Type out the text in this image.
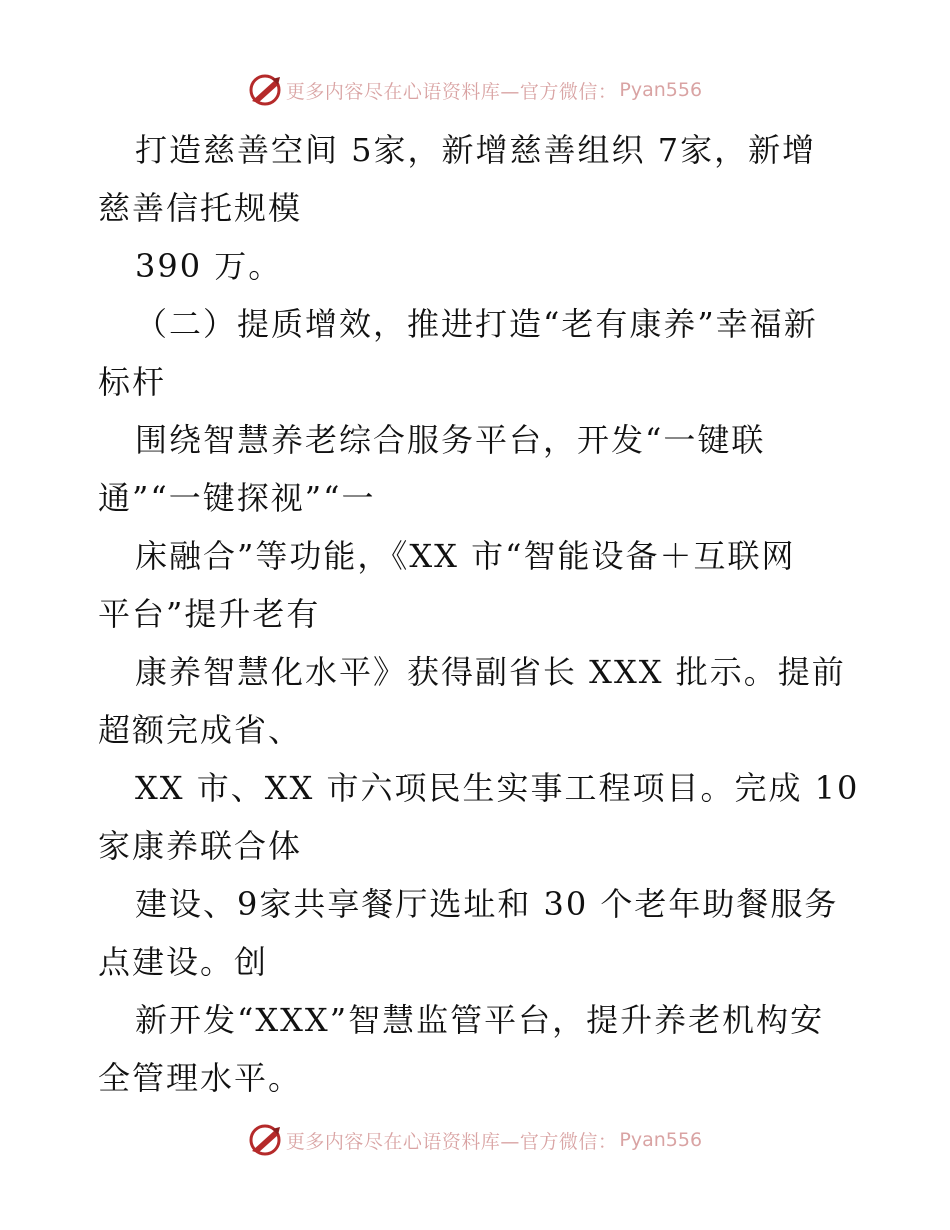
更多内容尽在心语资料库—官方微信： Pyan556
打造慈善空间 5家，新增慈善组织 7家，新增
慈善信托规模
390 万。
（二）提质增效，推进打造“老有康养”幸福新
标杆
围绕智慧养老综合服务平台，开发“一键联
通”“一键探视”“一
床融合”等功能，《XX 市“智能设备＋互联网
平台”提升老有
康养智慧化水平》获得副省长 XXX 批示。提前
超额完成省、
XX 市、XX 市六项民生实事工程项目。完成 10
家康养联合体
建设、9家共享餐厅选址和 30 个老年助餐服务
点建设。创
新开发“XXX”智慧监管平台，提升养老机构安
全管理水平。
更多内容尽在心语资料库—官方微信： Pyan556
